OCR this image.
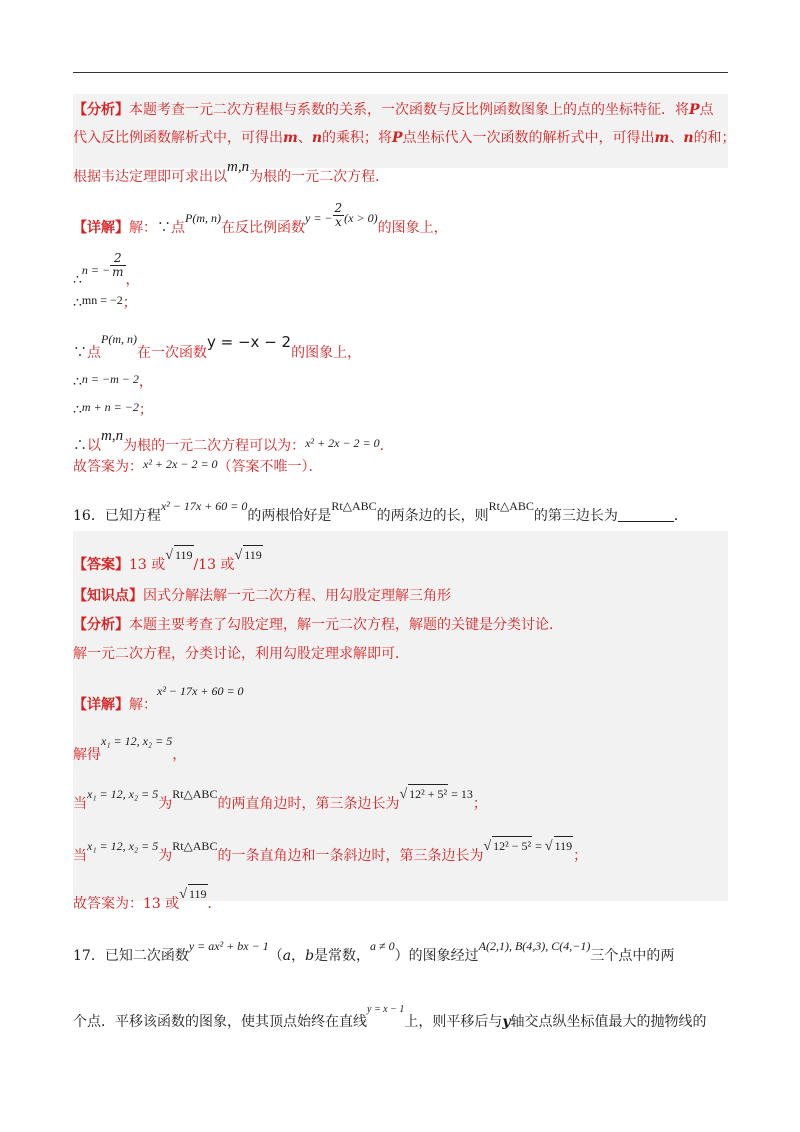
【分析】本题考查一元二次方程根与系数的关系，一次函数与反比例函数图象上的点的坐标特征．将P点
代入反比例函数解析式中，可得出m、n的乘积；将P点坐标代入一次函数的解析式中，可得出m、n的和；
根据韦达定理即可求出以m,n为根的一元二次方程．
【详解】解：∵点P(m, n)在反比例函数y = − $\frac{2}{x} (x > 0)$的图象上，
∴n = − $\frac{2}{m}$
，
∴mn = −2；
∵点P(m, n)在一次函数y = −x − 2的图象上，
∴n = −m − 2，
∴m + n = −2；
∴以m,n为根的一元二次方程可以为：x² + 2x − 2 = 0．
故答案为：x² + 2x − 2 = 0（答案不唯一）．
16．已知方程x² − 17x + 60 = 0的两根恰好是Rt△ABC的两条边的长，则Rt△ABC的第三边长为	．
【答案】13 或√ 119/13 或√ 119
【知识点】因式分解法解一元二次方程、用勾股定理解三角形
【分析】本题主要考查了勾股定理，解一元二次方程，解题的关键是分类讨论．
解一元二次方程，分类讨论，利用勾股定理求解即可．
【详解】解：x² − 17x + 60 = 0
解得x₁ = 12, x₂ = 5，
当x₁ = 12, x₂ = 5为Rt△ABC的两直角边时，第三条边长为√ 12² + 5² = 13；
当x₁ = 12, x₂ = 5为Rt△ABC的一条直角边和一条斜边时，第三条边长为√ 12² − 5² = √ 119；
故答案为：13 或√ 119．
17．已知二次函数y = ax² + bx − 1（a，b是常数，a ≠ 0）的图象经过A(2,1), B(4,3), C(4,−1)三个点中的两
个点．平移该函数的图象，使其顶点始终在直线$^{y = x - 1}$上，则平移后与y轴交点纵坐标值最大的抛物线的
